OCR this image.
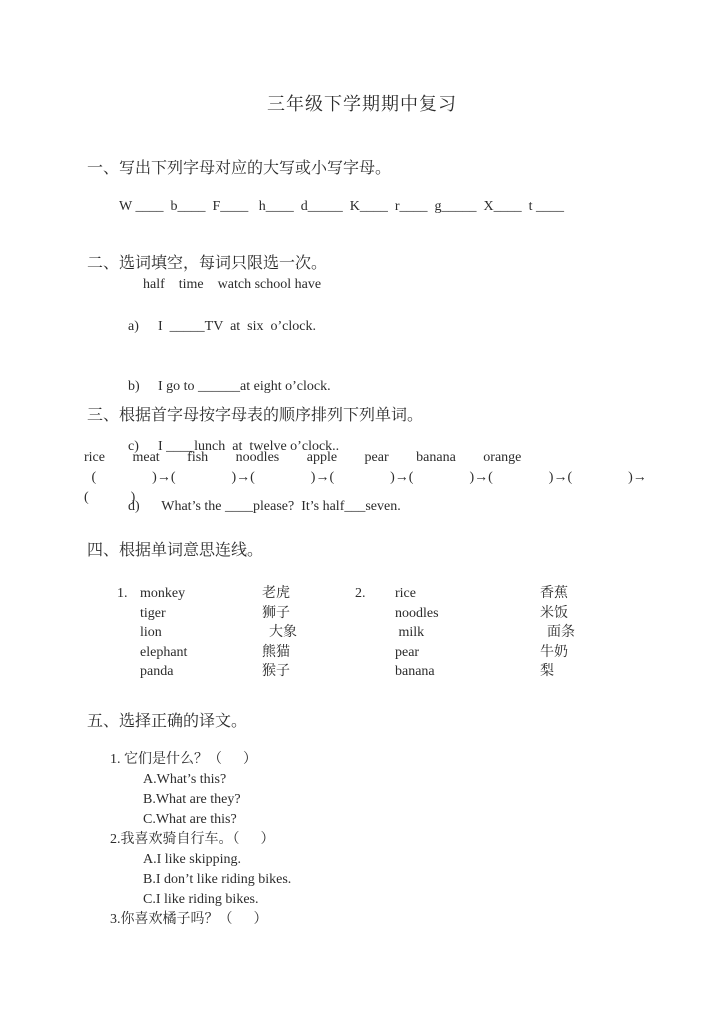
三年级下学期期中复习
一、写出下列字母对应的大写或小写字母。
W ____  b____  F____   h____  d_____  K____  r____  g_____  X____  t ____
二、选词填空，每词只限选一次。
half    time    watch school have

a) I  _____TV  at  six  o’clock.

b) I go to ______at eight o’clock.

c) I ____lunch  at  twelve o’clock..

d) What’s the ____please?  It’s half___seven.

三、根据首字母按字母表的顺序排列下列单词。
rice meat fish noodles apple pear banana orange
(                )→(                )→(                )→(                )→(                )→(                )→(                )→
(            )
四、根据单词意思连线。
1. monkey	老虎	2.	rice	香蕉
tiger	狮子	noodles	米饭
lion	大象	milk	面条
elephant	熊猫	pear	牛奶
panda	猴子	banana	梨
五、选择正确的译文。
1. 它们是什么？（      ）
A.What’s this?
B.What are they?
C.What are this?
2.我喜欢骑自行车。（      ）
A.I like skipping.
B.I don’t like riding bikes.
C.I like riding bikes.
3.你喜欢橘子吗？（      ）
